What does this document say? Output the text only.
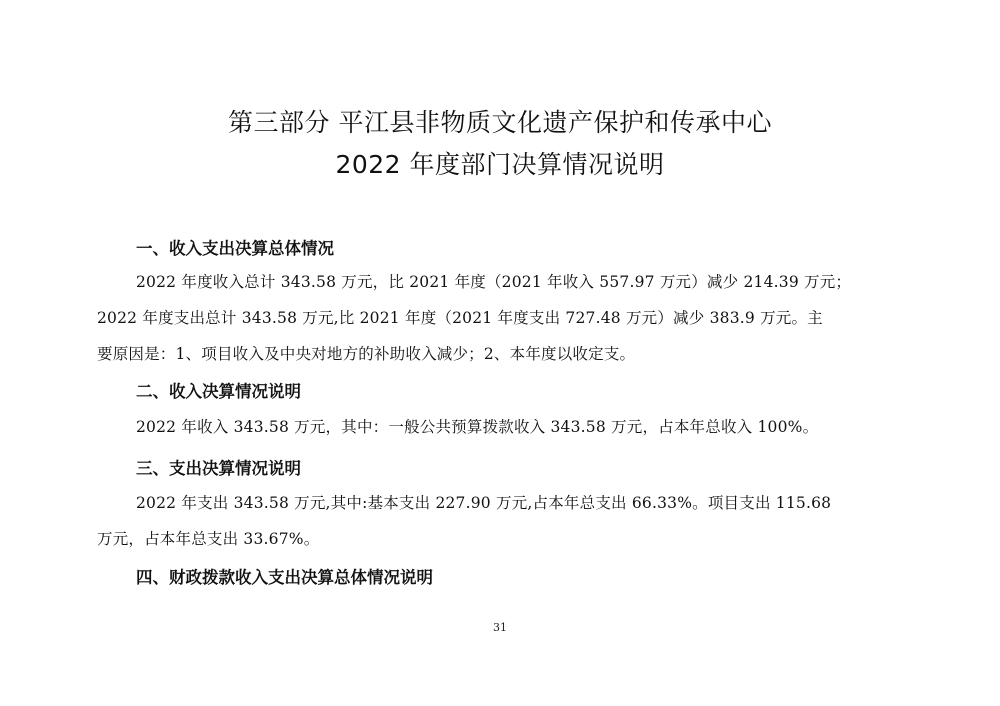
第三部分 平江县非物质文化遗产保护和传承中心
2022 年度部门决算情况说明
一、收入支出决算总体情况
2022 年度收入总计 343.58 万元，比 2021 年度（2021 年收入 557.97 万元）减少 214.39 万元；
2022 年度支出总计 343.58 万元,比 2021 年度（2021 年度支出 727.48 万元）减少 383.9 万元。主
要原因是：1、项目收入及中央对地方的补助收入减少；2、本年度以收定支。
二、收入决算情况说明
2022 年收入 343.58 万元，其中：一般公共预算拨款收入 343.58 万元，占本年总收入 100%。
三、支出决算情况说明
2022 年支出 343.58 万元,其中:基本支出 227.90 万元,占本年总支出 66.33%。项目支出 115.68
万元，占本年总支出 33.67%。
四、财政拨款收入支出决算总体情况说明
31
